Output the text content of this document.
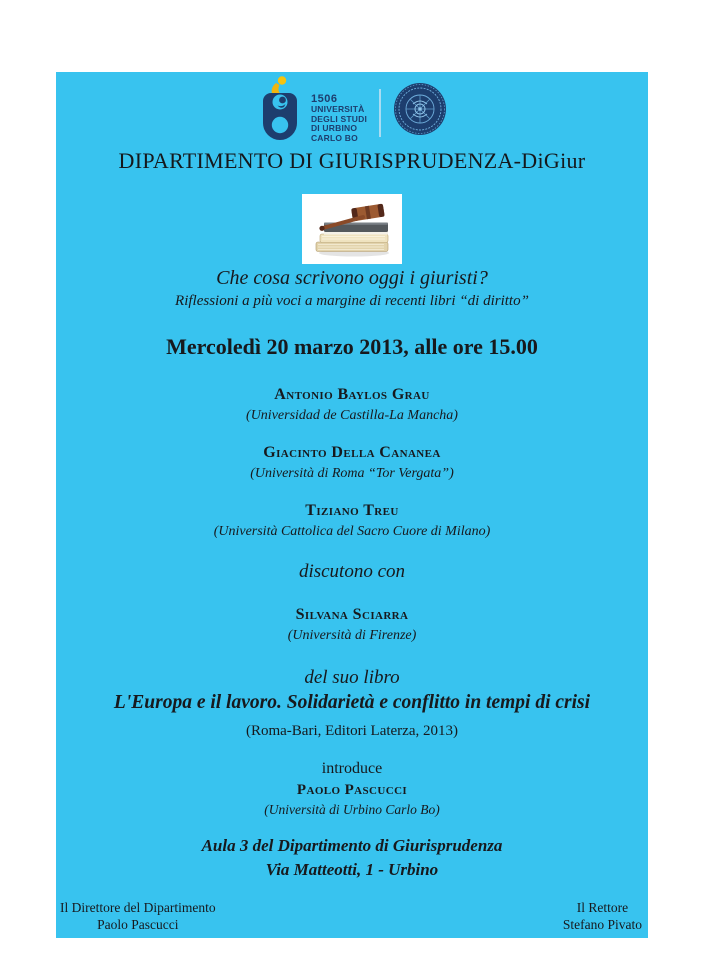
1506
UNIVERSITÀ
DEGLI STUDI
DI URBINO
CARLO BO
DIPARTIMENTO DI GIURISPRUDENZA-DiGiur
Che cosa scrivono oggi i giuristi?
Riflessioni a più voci a margine di recenti libri “di diritto”
Mercoledì 20 marzo 2013, alle ore 15.00
Antonio Baylos Grau
(Universidad de Castilla-La Mancha)
Giacinto Della Cananea
(Università di Roma “Tor Vergata”)
Tiziano Treu
(Università Cattolica del Sacro Cuore di Milano)
discutono con
Silvana Sciarra
(Università di Firenze)
del suo libro
L'Europa e il lavoro. Solidarietà e conflitto in tempi di crisi
(Roma-Bari, Editori Laterza, 2013)
introduce
Paolo Pascucci
(Università di Urbino Carlo Bo)
Aula 3 del Dipartimento di Giurisprudenza
Via Matteotti, 1 - Urbino
Il Direttore del Dipartimento
Paolo Pascucci
Il Rettore
Stefano Pivato
